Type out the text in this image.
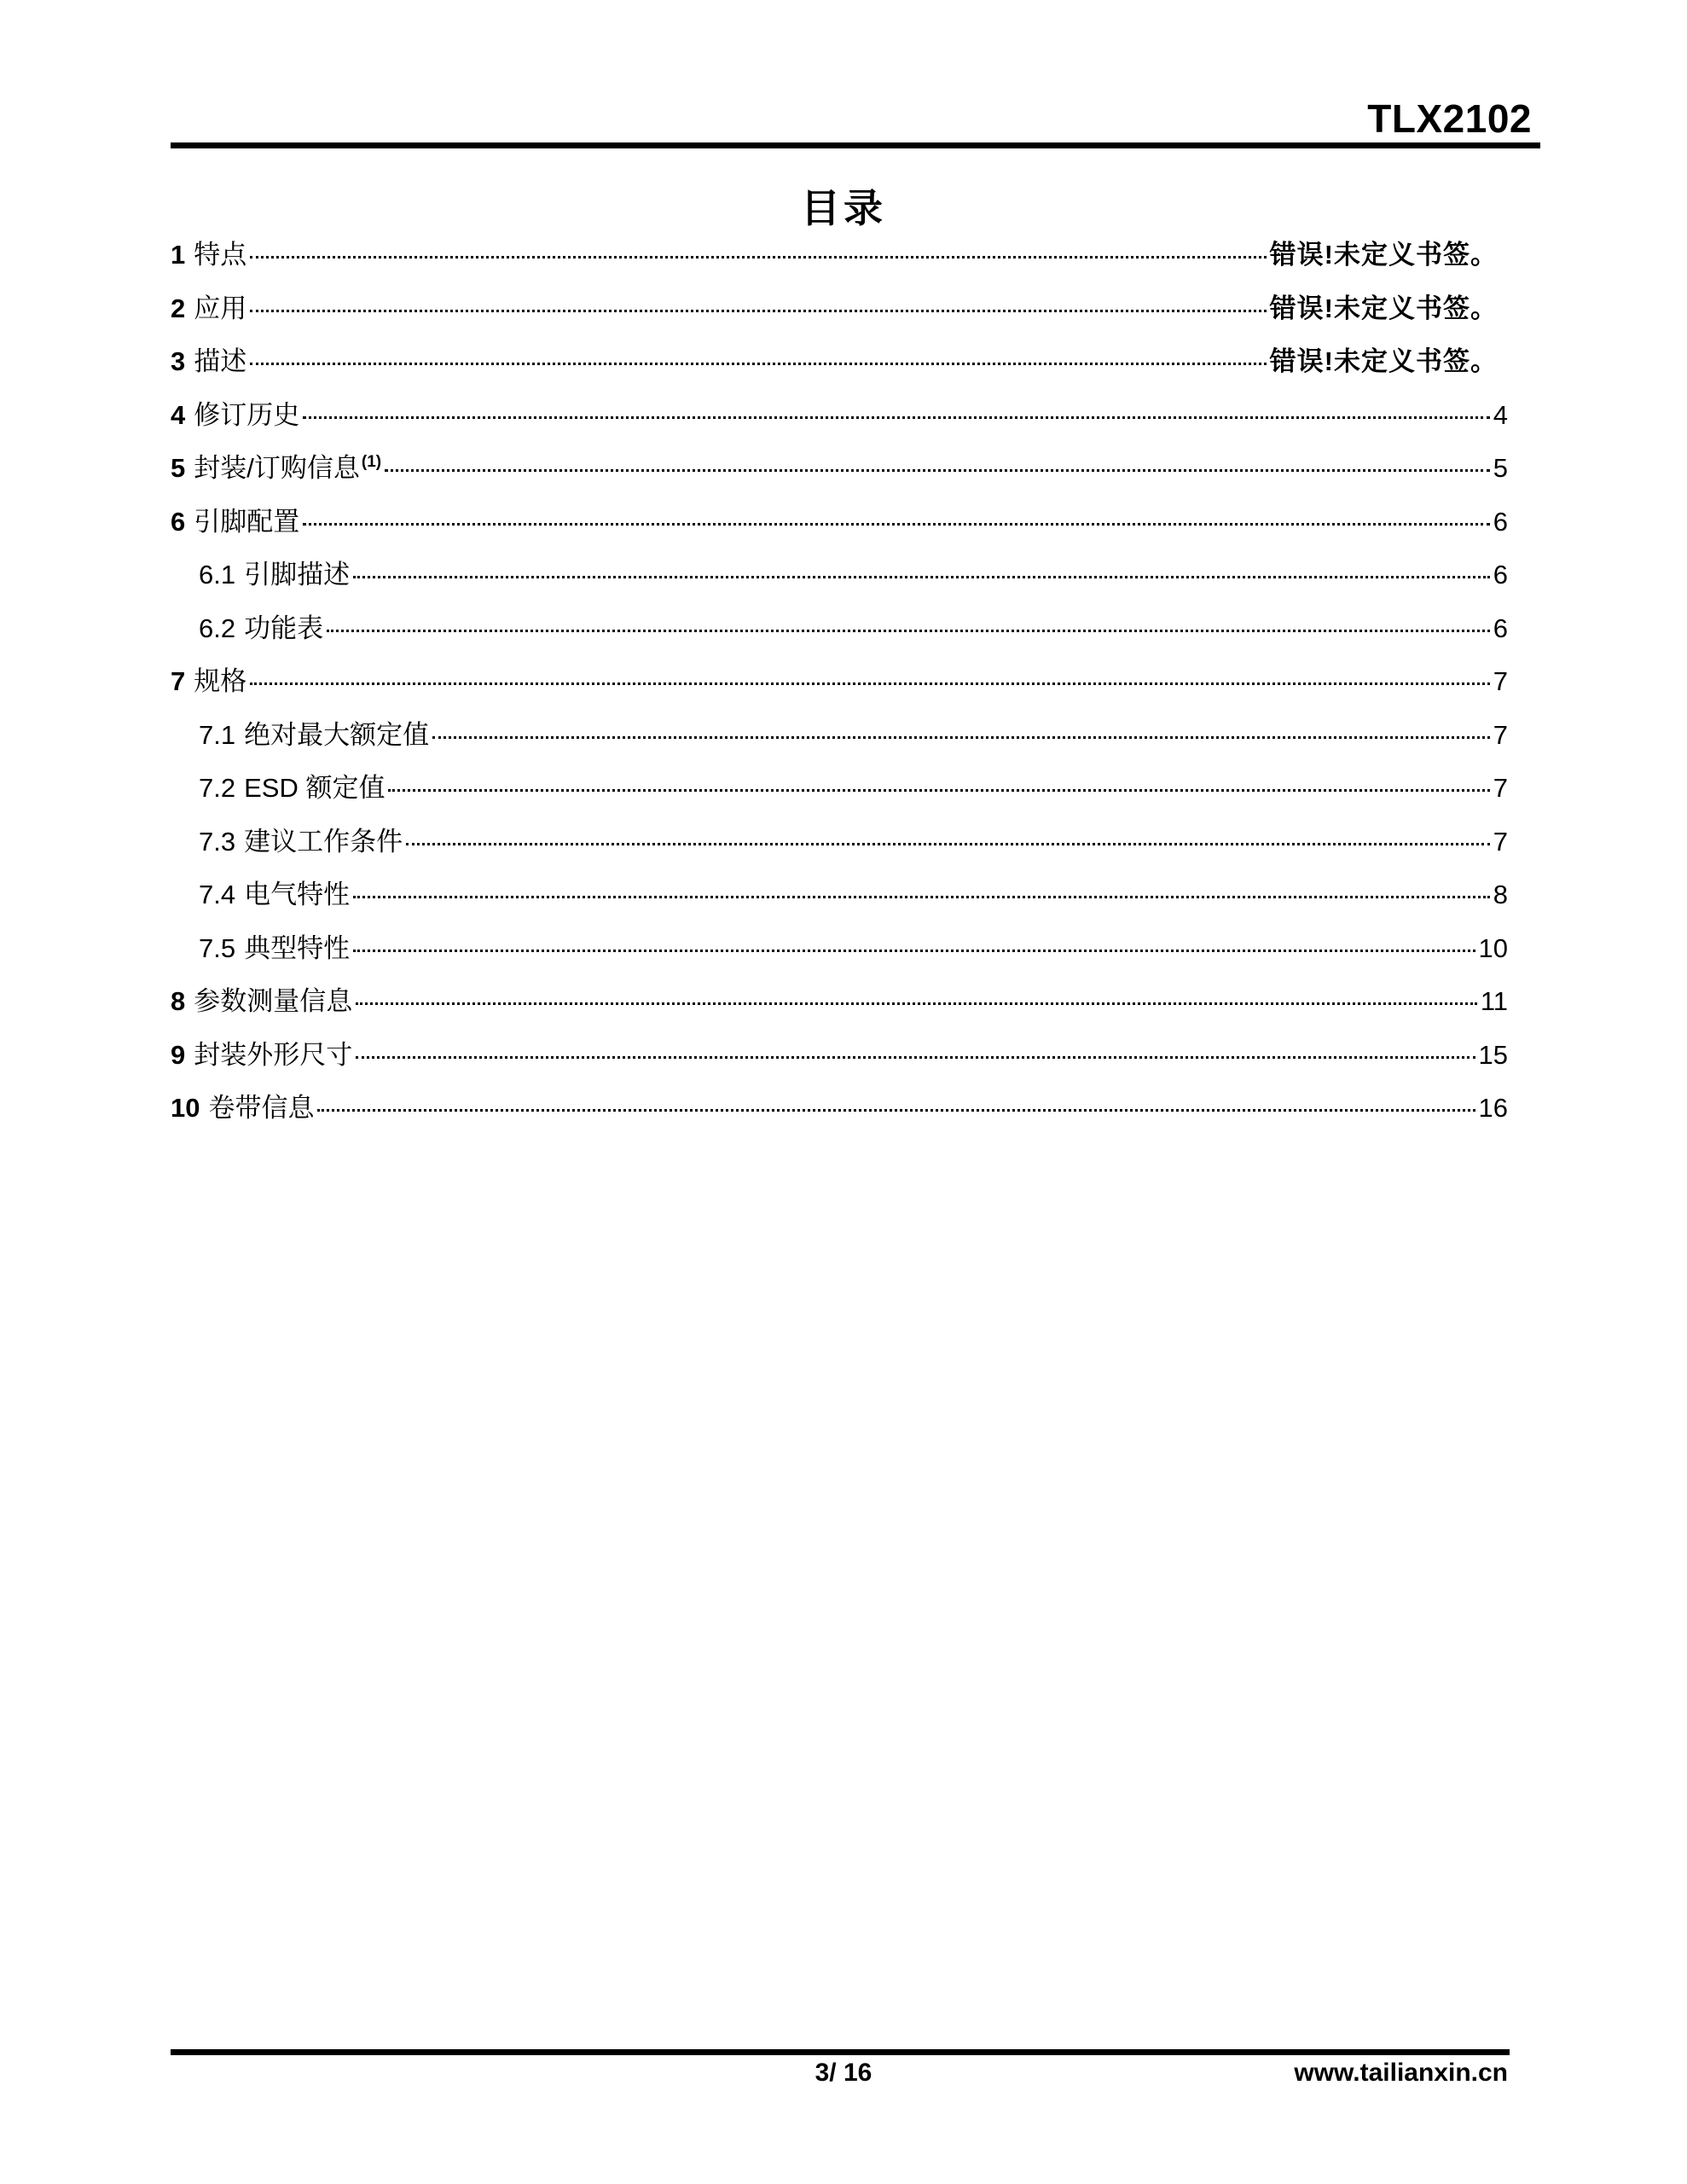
TLX2102
目录
1 特点	错误!未定义书签。
2 应用	错误!未定义书签。
3 描述	错误!未定义书签。
4 修订历史	4
5 封装/订购信息 $^{(1)}$	5
6 引脚配置	6
6.1 引脚描述	6
6.2 功能表	6
7 规格	7
7.1 绝对最大额定值	7
7.2 ESD 额定值	7
7.3 建议工作条件	7
7.4 电气特性	8
7.5 典型特性	10
8 参数测量信息	11
9 封装外形尺寸	15
10 卷带信息	16
3/ 16	www.tailianxin.cn
